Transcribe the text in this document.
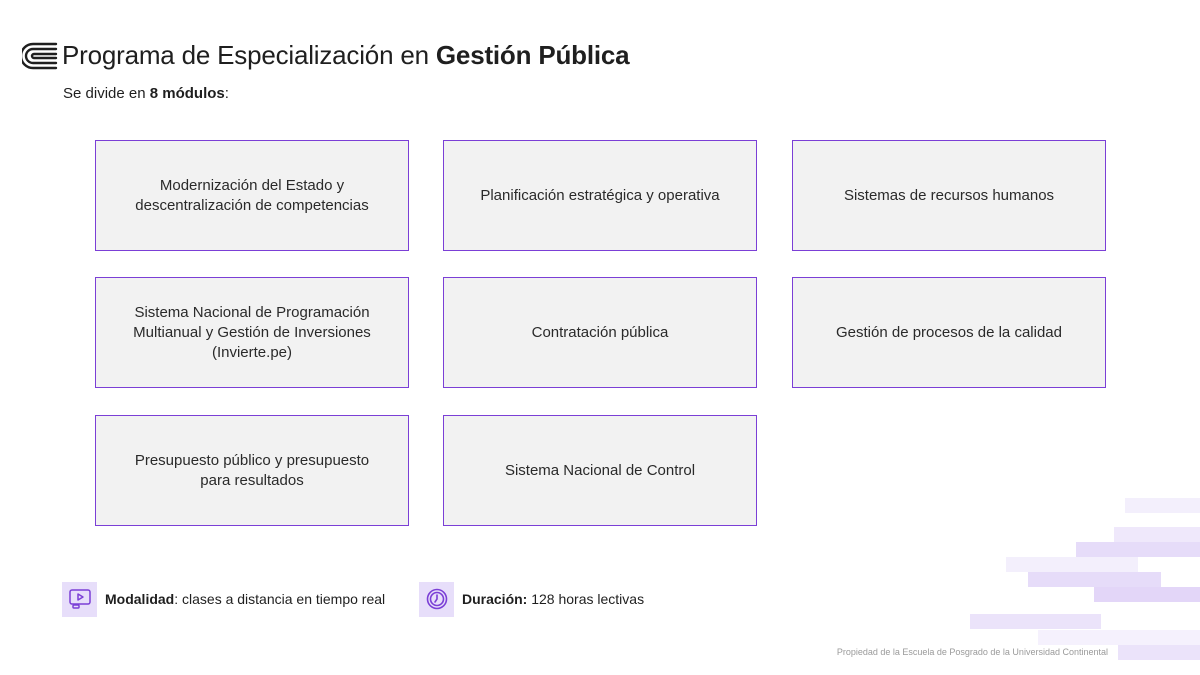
Programa de Especialización en Gestión Pública
Se divide en 8 módulos:
Modernización del Estado y descentralización de competencias
Planificación estratégica y operativa	Sistemas de recursos humanos
Sistema Nacional de Programación Multianual y Gestión de Inversiones (Invierte.pe)
Contratación pública	Gestión de procesos de la calidad
Presupuesto público y presupuesto para resultados
Sistema Nacional de Control
Modalidad: clases a distancia en tiempo real	Duración: 128 horas lectivas
Propiedad de la Escuela de Posgrado de la Universidad Continental
